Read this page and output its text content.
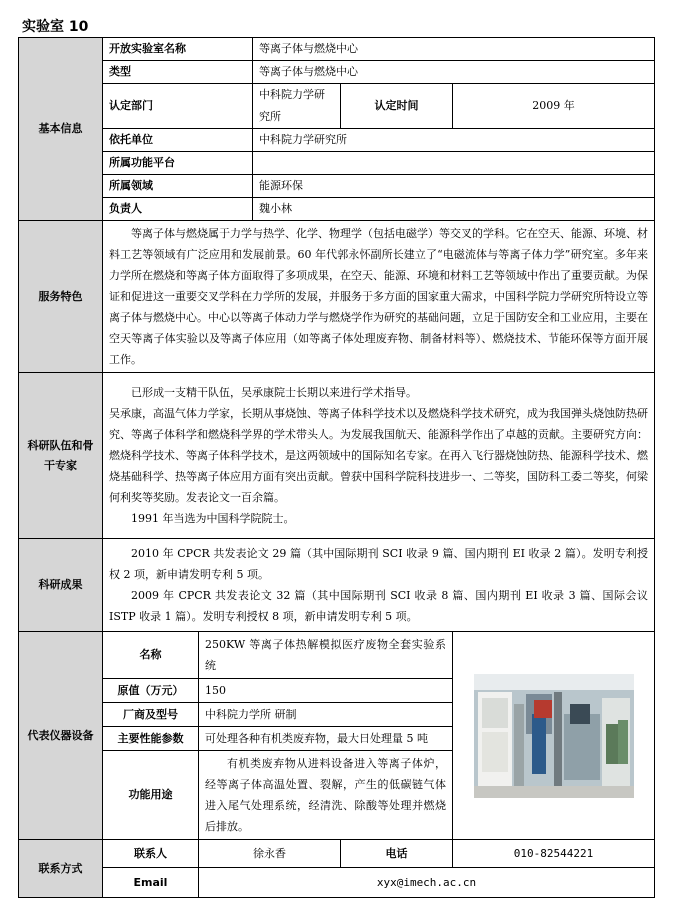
实验室 10
基本信息	开放实验室名称		等离子体与燃烧中心		
	类型		等离子体与燃烧中心		
	认定部门		中科院力学研究所	认定时间	2009 年
	依托单位		中科院力学研究所		
	所属功能平台				
	所属领域		能源环保		
	负责人		魏小林		
服务特色	等离子体与燃烧属于力学与热学、化学、物理学（包括电磁学）等交叉的学科。它在空天、能源、环境、材料工艺等领域有广泛应用和发展前景。60 年代郭永怀副所长建立了“电磁流体与等离子体力学”研究室。多年来力学所在燃烧和等离子体方面取得了多项成果，在空天、能源、环境和材料工艺等领域中作出了重要贡献。为保证和促进这一重要交叉学科在力学所的发展，并服务于多方面的国家重大需求，中国科学院力学研究所特设立等离子体与燃烧中心。中心以等离子体动力学与燃烧学作为研究的基础问题，立足于国防安全和工业应用，主要在空天等离子体实验以及等离子体应用（如等离子体处理废弃物、制备材料等）、燃烧技术、节能环保等方面开展工作。				

科研队伍和骨干专家	已形成一支精干队伍，吴承康院士长期以来进行学术指导。

吴承康，高温气体力学家，长期从事烧蚀、等离子体科学技术以及燃烧科学技术研究，成为我国弹头烧蚀防热研究、等离子体科学和燃烧科学界的学术带头人。为发展我国航天、能源科学作出了卓越的贡献。主要研究方向：燃烧科学技术、等离子体科学技术，是这两领域中的国际知名专家。在再入飞行器烧蚀防热、能源科学技术、燃烧基础科学、热等离子体应用方面有突出贡献。曾获中国科学院科技进步一、二等奖，国防科工委二等奖，何梁何利奖等奖励。发表论文一百余篇。

1991 年当选为中国科学院院士。				

科研成果	2010 年 CPCR 共发表论文 29 篇（其中国际期刊 SCI 收录 9 篇、国内期刊 EI 收录 2 篇）。发明专利授权 2 项，新申请发明专利 5 项。

2009 年 CPCR 共发表论文 32 篇（其中国际期刊 SCI 收录 8 篇、国内期刊 EI 收录 3 篇、国际会议 ISTP 收录 1 篇）。发明专利授权 8 项，新申请发明专利 5 项。				

代表仪器设备	名称	250KW 等离子体热解模拟医疗废物全套实验系统	

	原值（万元）	150			
	厂商及型号	中科院力学所 研制			
	主要性能参数	可处理各种有机类废弃物，最大日处理量 5 吨			
	功能用途	有机类废弃物从进料设备进入等离子体炉，经等离子体高温处置、裂解，产生的低碳链气体进入尾气处理系统，经清洗、除酸等处理并燃烧后排放。			

联系方式	联系人	徐永香		电话	010-82544221
	Email	xyx@imech.ac.cn			
